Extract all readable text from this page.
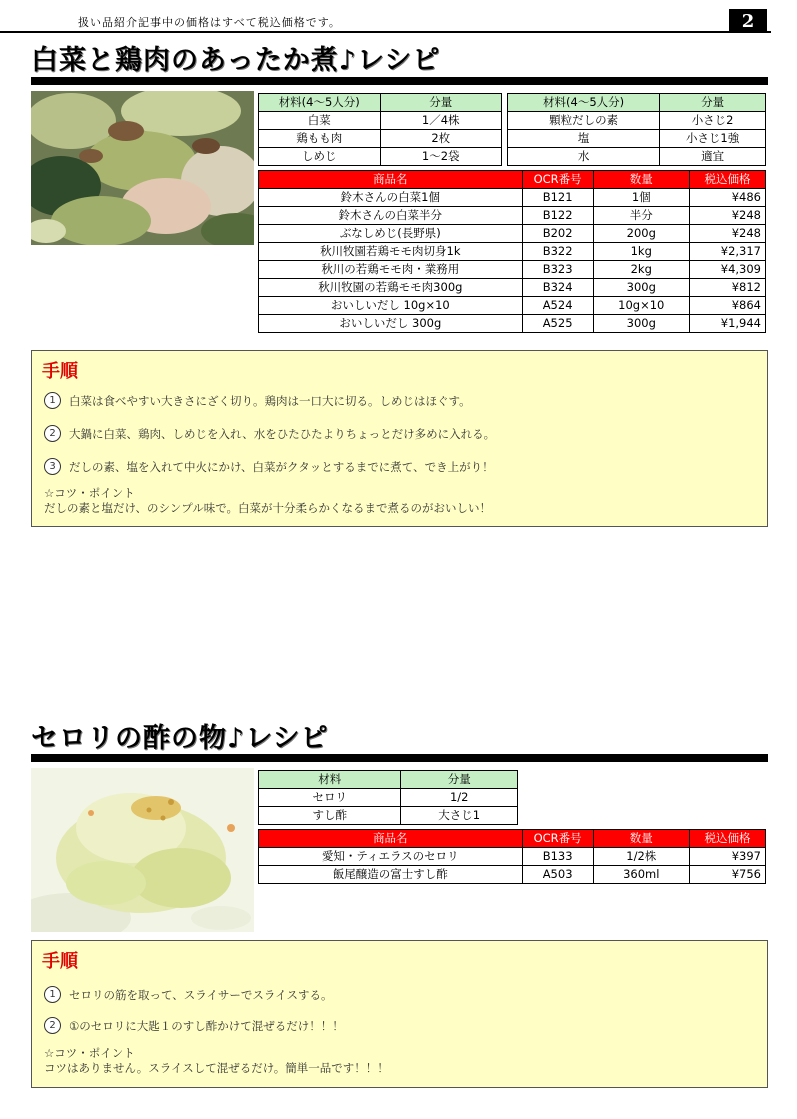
扱い品紹介記事中の価格はすべて税込価格です。	2
白菜と鶏肉のあったか煮♪レシピ
材料(4～5人分)	分量
白菜	1／4株
鶏もも肉	2枚
しめじ	1～2袋
材料(4～5人分)	分量
顆粒だしの素	小さじ2
塩	小さじ1強
水	適宜
商品名	OCR番号	数量	税込価格
鈴木さんの白菜1個	B121	1個	¥486
鈴木さんの白菜半分	B122	半分	¥248
ぶなしめじ(長野県)	B202	200g	¥248
秋川牧園若鶏モモ肉切身1k	B322	1kg	¥2,317
秋川の若鶏モモ肉・業務用	B323	2kg	¥4,309
秋川牧園の若鶏モモ肉300g	B324	300g	¥812
おいしいだし 10g×10	A524	10g×10	¥864
おいしいだし 300g	A525	300g	¥1,944
手順
1	白菜は食べやすい大きさにざく切り。鶏肉は一口大に切る。しめじはほぐす。
2	大鍋に白菜、鶏肉、しめじを入れ、水をひたひたよりちょっとだけ多めに入れる。
3	だしの素、塩を入れて中火にかけ、白菜がクタッとするまでに煮て、でき上がり！
☆コツ・ポイント
だしの素と塩だけ、のシンプル味で。白菜が十分柔らかくなるまで煮るのがおいしい！
セロリの酢の物♪レシピ
材料	分量
セロリ	1/2
すし酢	大さじ1
商品名	OCR番号	数量	税込価格
愛知・ティエラスのセロリ	B133	1/2株	¥397
飯尾醸造の富士すし酢	A503	360ml	¥756
手順
1	セロリの筋を取って、スライサーでスライスする。
2	①のセロリに大匙１のすし酢かけて混ぜるだけ！！！
☆コツ・ポイント
コツはありません。スライスして混ぜるだけ。簡単一品です！！！
